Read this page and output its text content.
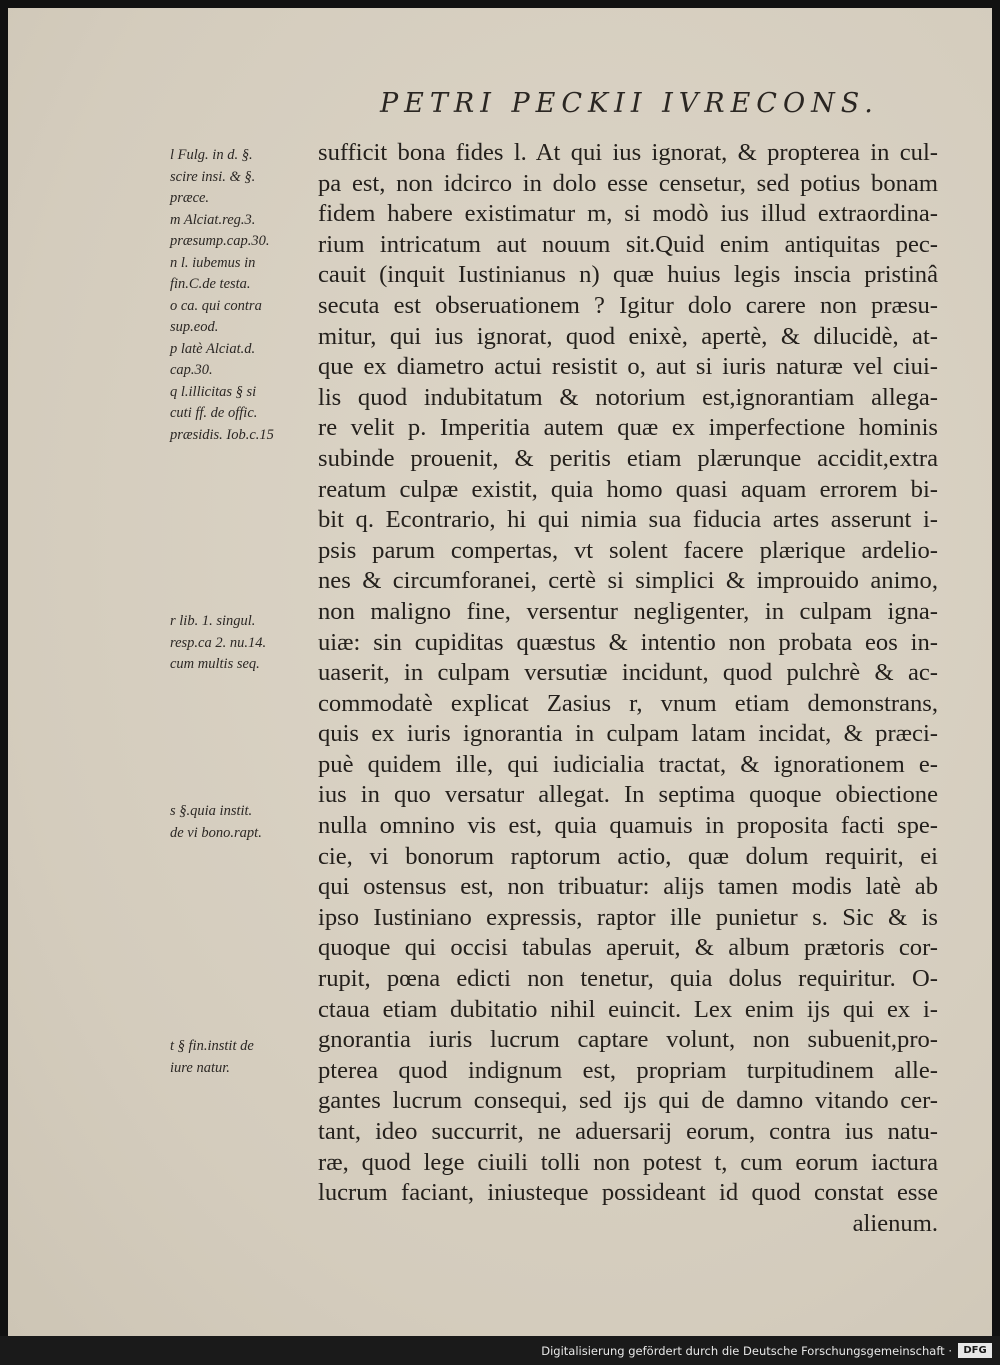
PETRI PECKII IVRECONS.
l Fulg. in d. §.
scire insi. & §.
præce.
m Alciat.reg.3.
præsump.cap.30.
n l. iubemus in
fin.C.de testa.
o ca. qui contra
sup.eod.
p latè Alciat.d.
cap.30.
q l.illicitas § si
cuti ff. de offic.
præsidis. Iob.c.15
r lib. 1. singul.
resp.ca 2. nu.14.
cum multis seq.
s §.quia instit.
de vi bono.rapt.
t § fin.instit de
iure natur.
sufficit bona fides l. At qui ius ignorat, & propterea in cul-
pa est, non idcirco in dolo esse censetur, sed potius bonam
fidem habere existimatur m, si modò ius illud extraordina-
rium intricatum aut nouum sit.Quid enim antiquitas pec-
cauit (inquit Iustinianus n) quæ huius legis inscia pristinâ
secuta est obseruationem ? Igitur dolo carere non præsu-
mitur, qui ius ignorat, quod enixè, apertè, & dilucidè, at-
que ex diametro actui resistit o, aut si iuris naturæ vel ciui-
lis quod indubitatum & notorium est,ignorantiam allega-
re velit p. Imperitia autem quæ ex imperfectione hominis
subinde prouenit, & peritis etiam plærunque accidit,extra
reatum culpæ existit, quia homo quasi aquam errorem bi-
bit q. Econtrario, hi qui nimia sua fiducia artes asserunt i-
psis parum compertas, vt solent facere plærique ardelio-
nes & circumforanei, certè si simplici & improuido animo,
non maligno fine, versentur negligenter, in culpam igna-
uiæ: sin cupiditas quæstus & intentio non probata eos in-
uaserit, in culpam versutiæ incidunt, quod pulchrè & ac-
commodatè explicat Zasius r, vnum etiam demonstrans,
quis ex iuris ignorantia in culpam latam incidat, & præci-
puè quidem ille, qui iudicialia tractat, & ignorationem e-
ius in quo versatur allegat. In septima quoque obiectione
nulla omnino vis est, quia quamuis in proposita facti spe-
cie, vi bonorum raptorum actio, quæ dolum requirit, ei
qui ostensus est, non tribuatur: alijs tamen modis latè ab
ipso Iustiniano expressis, raptor ille punietur s. Sic & is
quoque qui occisi tabulas aperuit, & album prætoris cor-
rupit, pœna edicti non tenetur, quia dolus requiritur. O-
ctaua etiam dubitatio nihil euincit. Lex enim ijs qui ex i-
gnorantia iuris lucrum captare volunt, non subuenit,pro-
pterea quod indignum est, propriam turpitudinem alle-
gantes lucrum consequi, sed ijs qui de damno vitando cer-
tant, ideo succurrit, ne aduersarij eorum, contra ius natu-
ræ, quod lege ciuili tolli non potest t, cum eorum iactura
lucrum faciant, iniusteque possideant id quod constat esse
alienum.
Digitalisierung gefördert durch die Deutsche Forschungsgemeinschaft ·	DFG
